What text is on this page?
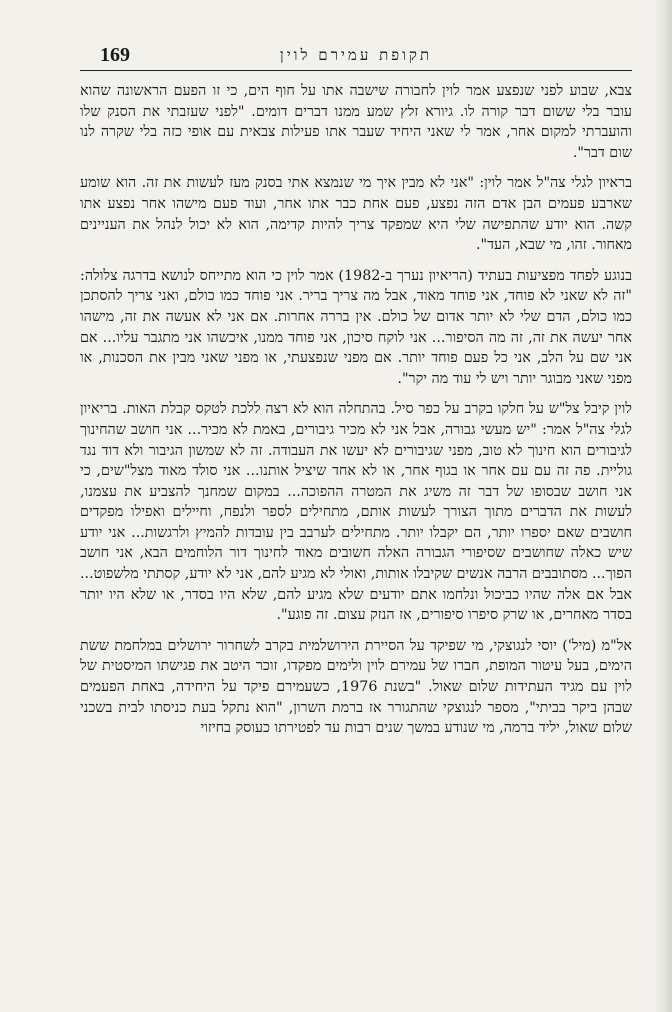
169	תקופת עמירם לוין

צבא, שבוע לפני שנפצע אמר לוין לחבורה שישבה אתו על חוף הים, כי זו הפעם הראשונה שהוא עובר בלי ששום דבר קורה לו. גיורא זלץ שמע ממנו דברים דומים. "לפני שעזבתי את הסנק שלו והועברתי למקום אחר, אמר לי שאני היחיד שעבר אתו פעילות צבאית עם אופי כזה בלי שקרה לנו שום דבר".

בראיון לגלי צה"ל אמר לוין: "אני לא מבין איך מי שנמצא אתי בסנק מעז לעשות את זה. הוא שומע שארבע פעמים הבן אדם הזה נפצע, פעם אחת כבר אתו אחר, ועוד פעם מישהו אחר נפצע אתו קשה. הוא יודע שהתפישה שלי היא שמפקד צריך להיות קדימה, הוא לא יכול לנהל את העניינים מאחור. זהו, מי שבא, העד".

בנוגע לפחד מפציעות בעתיד (הריאיון נערך ב-1982) אמר לוין כי הוא מתייחס לנושא בדרגה צלולה: "זה לא שאני לא פוחד, אני פוחד מאוד, אבל מה צריך בריר. אני פוחד כמו כולם, ואני צריך להסתכן כמו כולם, הדם שלי לא יותר אדום של כולם. אין בררה אחרות. אם אני לא אעשה את זה, מישהו אחר יעשה את זה, זה מה הסיפור... אני לוקח סיכון, אני פוחד ממנו, איכשהו אני מתגבר עליו... אם אני שם על הלב, אני כל פעם פוחד יותר. אם מפני שנפצעתי, או מפני שאני מבין את הסכנות, או מפני שאני מבוגר יותר ויש לי עוד מה יקר".

לוין קיבל צל"ש על חלקו בקרב על כפר סיל. בהתחלה הוא לא רצה ללכת לטקס קבלת האות. בריאיון לגלי צה"ל אמר: "יש מעשי גבורה, אבל אני לא מכיר גיבורים, באמת לא מכיר... אני חושב שהחינוך לגיבורים הוא חינוך לא טוב, מפני שגיבורים לא יעשו את העבודה. זה לא שמשון הגיבור ולא דוד נגד גוליית. פה זה עם עם אחר או בגוף אחר, או לא אחד שיציל אותנו... אני סולד מאוד מצל"שים, כי אני חושב שבסופו של דבר זה משיג את המטרה ההפוכה... במקום שמחנך להצביע את עצמנו, לעשות את הדברים מתוך הצורך לעשות אותם, מתחילים לספר ולנפח, וחיילים ואפילו מפקדים חושבים שאם יספרו יותר, הם יקבלו יותר. מתחילים לערבב בין עובדות להמיץ ולרגשות... אני יודע שיש כאלה שחושבים שסיפורי הגבורה האלה חשובים מאוד לחינוך דור הלוחמים הבא, אני חושב הפוך... מסתובבים הרבה אנשים שקיבלו אותות, ואולי לא מגיע להם, אני לא יודע, קסתתי מלשפוט... אבל אם אלה שהיו כביכול ונלחמו אתם יודעים שלא מגיע להם, שלא היו בסדר, או שלא היו יותר בסדר מאחרים, או שרק סיפרו סיפורים, אז הנזק עצום. זה פוגע".

אל"מ (מיל') יוסי לנגוצקי, מי שפיקד על הסיירת הירושלמית בקרב לשחרור ירושלים במלחמת ששת הימים, בעל עיטור המופת, חברו של עמירם לוין ולימים מפקדו, זוכר היטב את פגישתו המיסטית של לוין עם מגיד העתידות שלום שאול. "בשנת 1976, כשעמירם פיקד על היחידה, באחת הפעמים שבהן ביקר בביתי", מספר לנגוצקי שהתגורר אז ברמת השרון, "הוא נתקל בעת כניסתו לבית בשכני שלום שאול, יליד ברמה, מי שנודע במשך שנים רבות עד לפטירתו כעוסק בחיזוי
